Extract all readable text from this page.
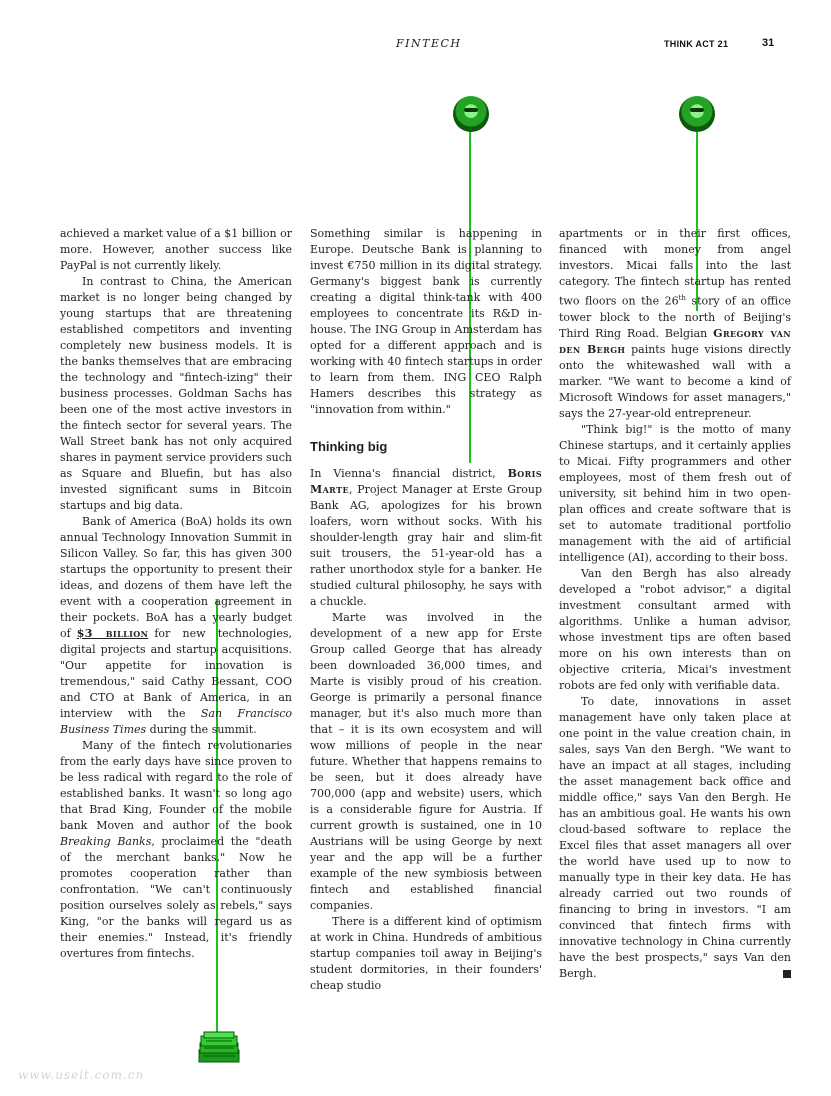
FINTECH	THINK ACT 21	31

achieved a market value of a $1 billion or more. However, another success like PayPal is not currently likely.

In contrast to China, the American market is no longer being changed by young startups that are threatening established competitors and inventing completely new business models. It is the banks themselves that are embracing the technology and "fintech-izing" their business processes. Goldman Sachs has been one of the most active investors in the fintech sector for several years. The Wall Street bank has not only acquired shares in payment service providers such as Square and Bluefin, but has also invested significant sums in Bitcoin startups and big data.

Bank of America (BoA) holds its own annual Technology Innovation Summit in Silicon Valley. So far, this has given 300 startups the opportunity to present their ideas, and dozens of them have left the event with a cooperation agreement in their pockets. BoA has a yearly budget of $3 billion for new technologies, digital projects and startup acquisitions. "Our appetite for innovation is tremendous," said Cathy Bessant, COO and CTO at Bank of America, in an interview with the San Francisco Business Times during the summit.

Many of the fintech revolutionaries from the early days have since proven to be less radical with regard to the role of established banks. It wasn't so long ago that Brad King, Founder of the mobile bank Moven and author of the book Breaking Banks, proclaimed the "death of the merchant banks." Now he promotes cooperation rather than confrontation. "We can't continuously position ourselves solely as rebels," says King, "or the banks will regard us as their enemies." Instead, it's friendly overtures from fintechs.

Something similar is happening in Europe. Deutsche Bank is planning to invest €750 million in its digital strategy. Germany's biggest bank is currently creating a digital think-tank with 400 employees to concentrate its R&D in-house. The ING Group in Amsterdam has opted for a different approach and is working with 40 fintech startups in order to learn from them. ING CEO Ralph Hamers describes this strategy as "innovation from within."

Thinking big

In Vienna's financial district, Boris Marte, Project Manager at Erste Group Bank AG, apologizes for his brown loafers, worn without socks. With his shoulder-length gray hair and slim-fit suit trousers, the 51-year-old has a rather unorthodox style for a banker. He studied cultural philosophy, he says with a chuckle.

Marte was involved in the development of a new app for Erste Group called George that has already been downloaded 36,000 times, and Marte is visibly proud of his creation. George is primarily a personal finance manager, but it's also much more than that – it is its own ecosystem and will wow millions of people in the near future. Whether that happens remains to be seen, but it does already have 700,000 (app and website) users, which is a considerable figure for Austria. If current growth is sustained, one in 10 Austrians will be using George by next year and the app will be a further example of the new symbiosis between fintech and established financial companies.

There is a different kind of optimism at work in China. Hundreds of ambitious startup companies toil away in Beijing's student dormitories, in their founders' cheap studio

apartments or in their first offices, financed with money from angel investors. Micai falls into the last category. The fintech startup has rented two floors on the 26th story of an office tower block to the north of Beijing's Third Ring Road. Belgian Gregory van den Bergh paints huge visions directly onto the whitewashed wall with a marker. "We want to become a kind of Microsoft Windows for asset managers," says the 27-year-old entrepreneur.

"Think big!" is the motto of many Chinese startups, and it certainly applies to Micai. Fifty programmers and other employees, most of them fresh out of university, sit behind him in two open-plan offices and create software that is set to automate traditional portfolio management with the aid of artificial intelligence (AI), according to their boss.

Van den Bergh has also already developed a "robot advisor," a digital investment consultant armed with algorithms. Unlike a human advisor, whose investment tips are often based more on his own interests than on objective criteria, Micai's investment robots are fed only with verifiable data.

To date, innovations in asset management have only taken place at one point in the value creation chain, in sales, says Van den Bergh. "We want to have an impact at all stages, including the asset management back office and middle office," says Van den Bergh. He has an ambitious goal. He wants his own cloud-based software to replace the Excel files that asset managers all over the world have used up to now to manually type in their key data. He has already carried out two rounds of financing to bring in investors. "I am convinced that fintech firms with innovative technology in China currently have the best prospects," says Van den Bergh.

www.useit.com.cn
